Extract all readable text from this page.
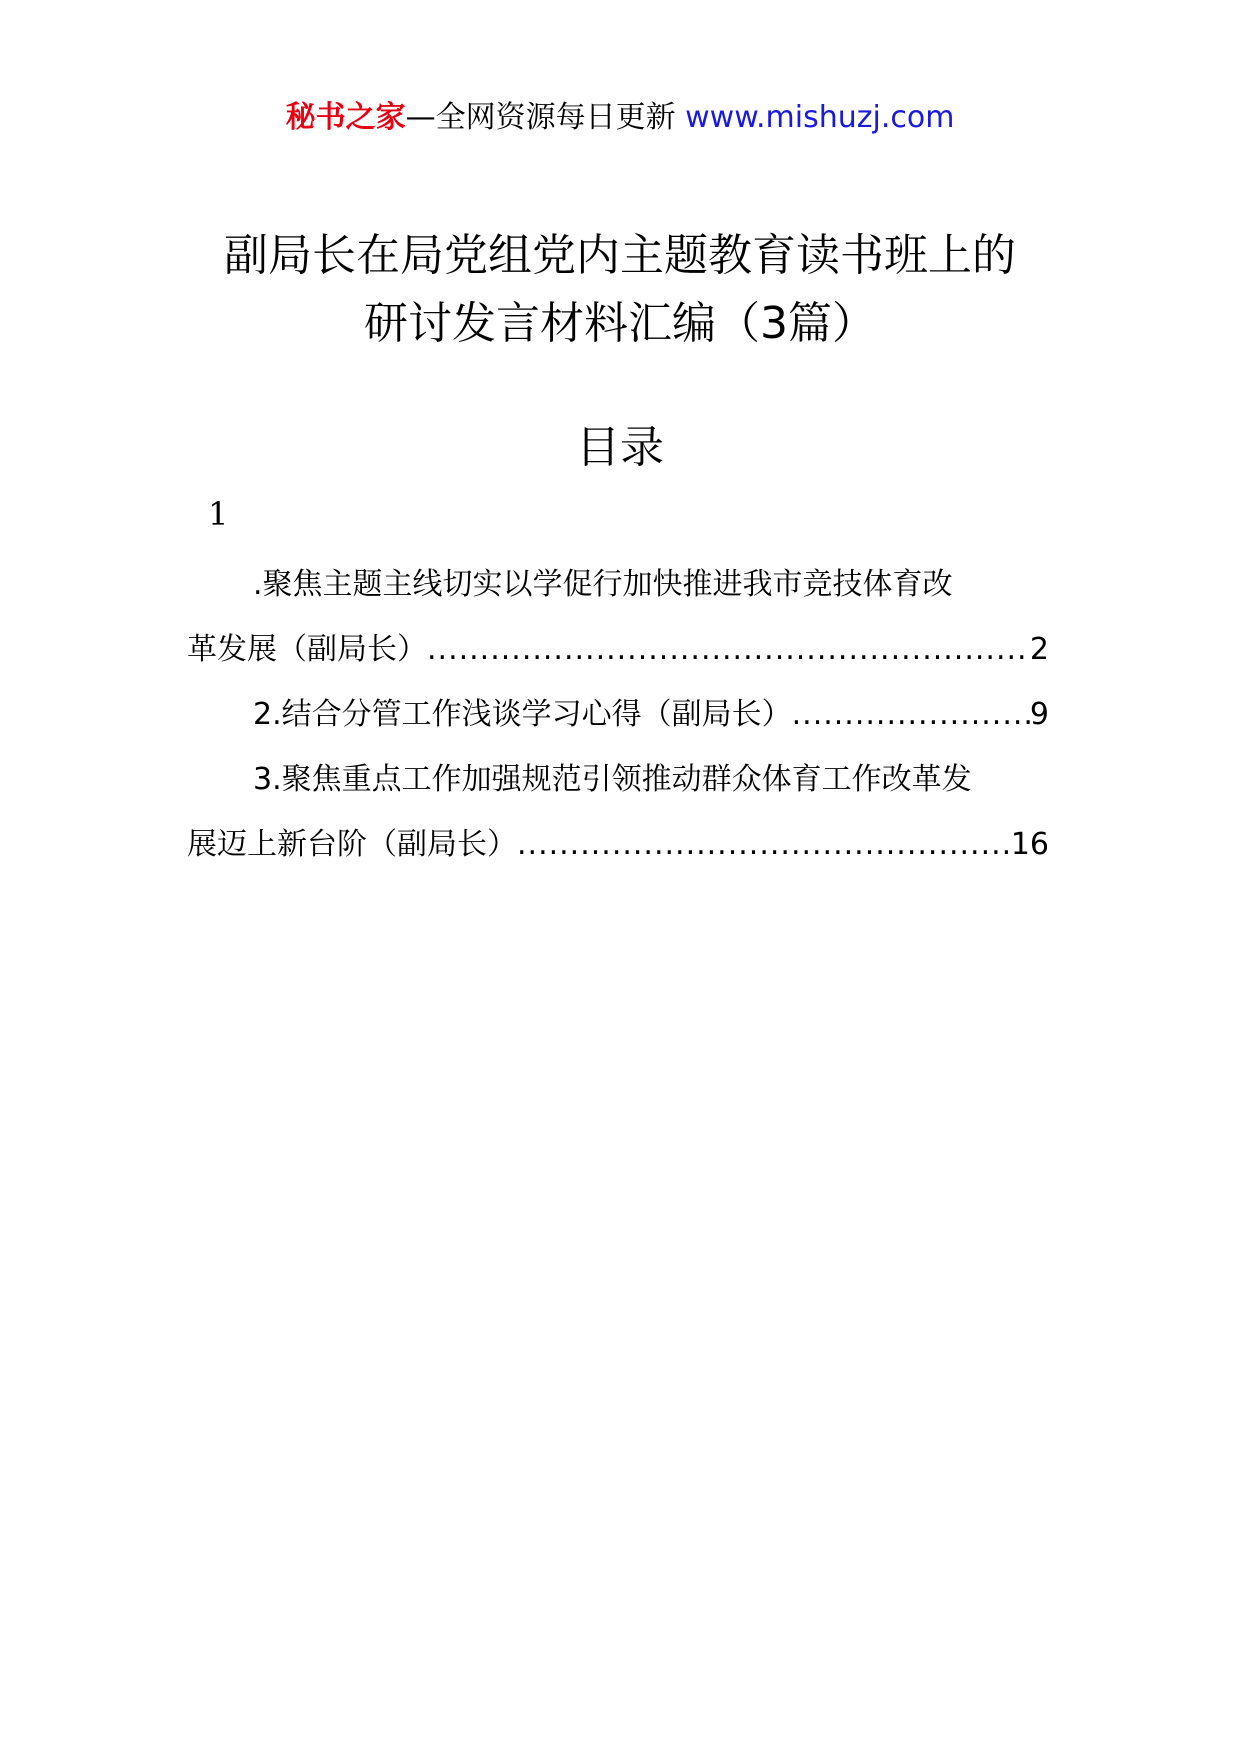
秘书之家—全网资源每日更新 www.mishuzj.com
副局长在局党组党内主题教育读书班上的
研讨发言材料汇编（3篇）
目录
1
.聚焦主题主线切实以学促行加快推进我市竞技体育改
革发展（副局长） .....	2
2.结合分管工作浅谈学习心得（副局长） .....	9
3.聚焦重点工作加强规范引领推动群众体育工作改革发
展迈上新台阶（副局长） .....	16
